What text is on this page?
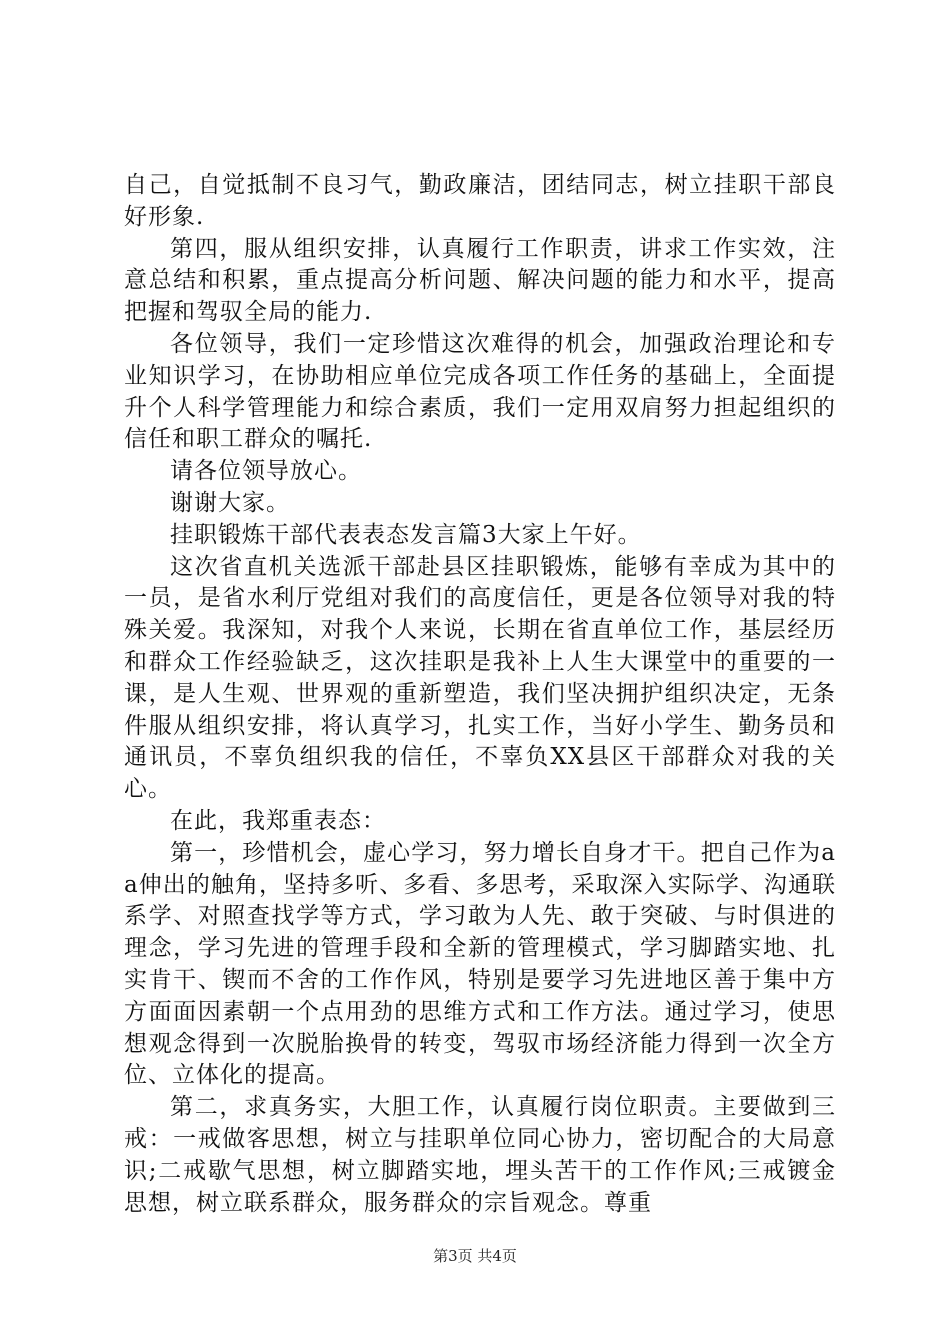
自己，自觉抵制不良习气，勤政廉洁，团结同志，树立挂职干部良好形象.

第四，服从组织安排，认真履行工作职责，讲求工作实效，注意总结和积累，重点提高分析问题、解决问题的能力和水平，提高把握和驾驭全局的能力.

各位领导，我们一定珍惜这次难得的机会，加强政治理论和专业知识学习，在协助相应单位完成各项工作任务的基础上，全面提升个人科学管理能力和综合素质，我们一定用双肩努力担起组织的信任和职工群众的嘱托.

请各位领导放心。

谢谢大家。

挂职锻炼干部代表表态发言篇3大家上午好。

这次省直机关选派干部赴县区挂职锻炼，能够有幸成为其中的一员，是省水利厅党组对我们的高度信任，更是各位领导对我的特殊关爱。我深知，对我个人来说，长期在省直单位工作，基层经历和群众工作经验缺乏，这次挂职是我补上人生大课堂中的重要的一课，是人生观、世界观的重新塑造，我们坚决拥护组织决定，无条件服从组织安排，将认真学习，扎实工作，当好小学生、勤务员和通讯员，不辜负组织我的信任，不辜负XX县区干部群众对我的关心。

在此，我郑重表态：

第一，珍惜机会，虚心学习，努力增长自身才干。把自己作为aa伸出的触角，坚持多听、多看、多思考，采取深入实际学、沟通联系学、对照查找学等方式，学习敢为人先、敢于突破、与时俱进的理念，学习先进的管理手段和全新的管理模式，学习脚踏实地、扎实肯干、锲而不舍的工作作风，特别是要学习先进地区善于集中方方面面因素朝一个点用劲的思维方式和工作方法。通过学习，使思想观念得到一次脱胎换骨的转变，驾驭市场经济能力得到一次全方位、立体化的提高。

第二，求真务实，大胆工作，认真履行岗位职责。主要做到三戒：一戒做客思想，树立与挂职单位同心协力，密切配合的大局意识;二戒歇气思想，树立脚踏实地，埋头苦干的工作作风;三戒镀金思想，树立联系群众，服务群众的宗旨观念。尊重

第3页 共4页
